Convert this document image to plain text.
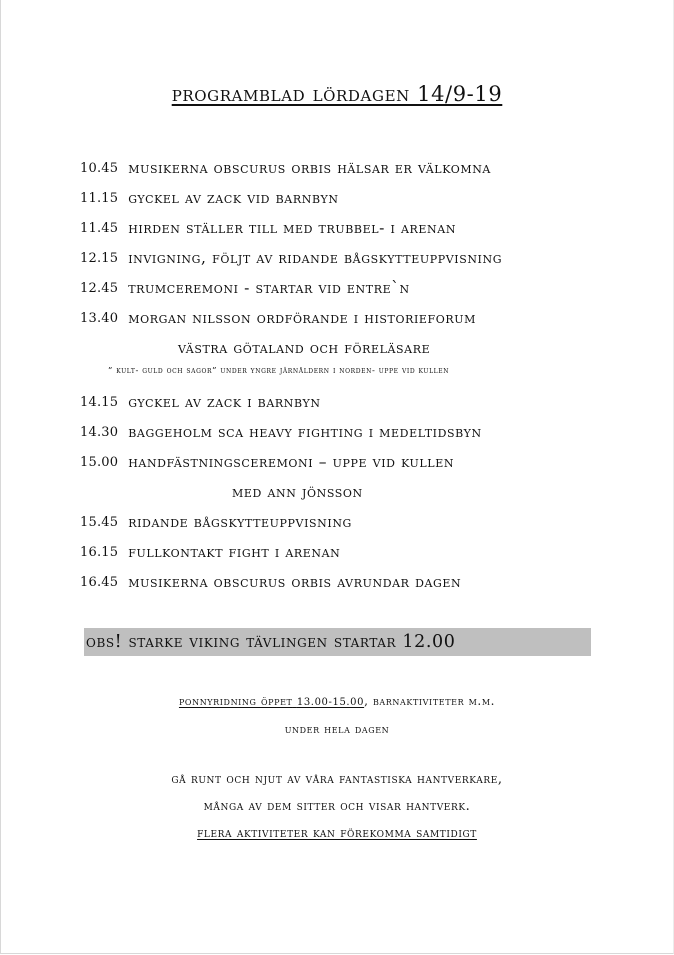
programblad lördagen 14/9-19
10.45 musikerna obscurus orbis hälsar er välkomna
11.15 gyckel av zack vid barnbyn
11.45 hirden ställer till med trubbel- i arenan
12.15 invigning, följt av ridande bågskytteuppvisning
12.45 trumceremoni - startar vid entre`n
13.40 morgan nilsson ordförande i historieforum
västra götaland och föreläsare
” kult- guld och sagor” under yngre järnåldern i norden- uppe vid kullen
14.15 gyckel av zack i barnbyn
14.30 baggeholm sca heavy fighting i medeltidsbyn
15.00 handfästningsceremoni – uppe vid kullen
med ann jönsson
15.45 ridande bågskytteuppvisning
16.15 fullkontakt fight i arenan
16.45 musikerna obscurus orbis avrundar dagen
obs! starke viking tävlingen startar 12.00
ponnyridning öppet 13.00-15.00, barnaktiviteter m.m.
under hela dagen
gå runt och njut av våra fantastiska hantverkare,
många av dem sitter och visar hantverk.
flera aktiviteter kan förekomma samtidigt
